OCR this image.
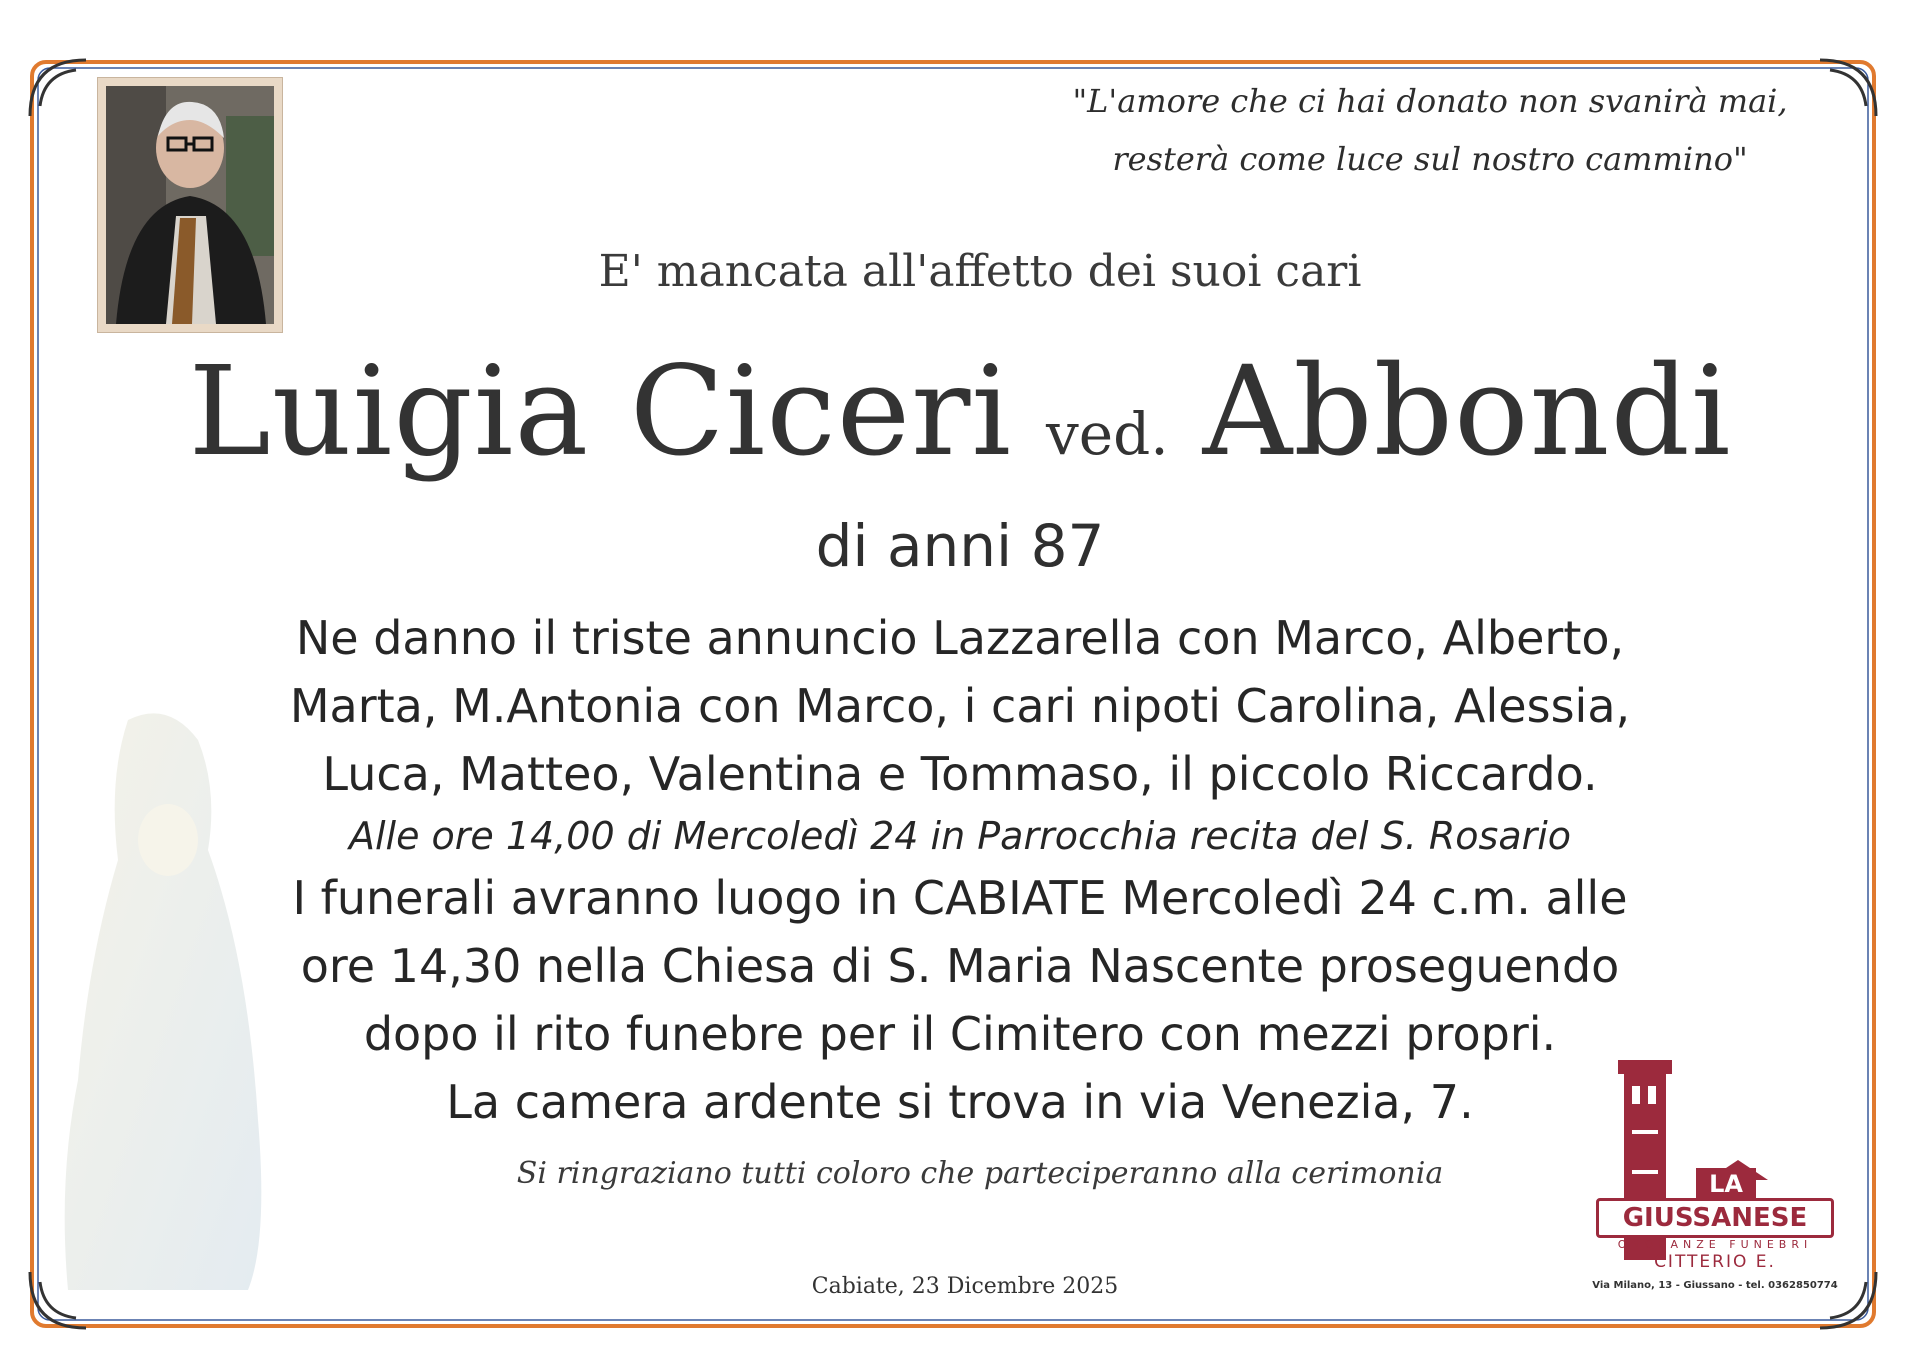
"L'amore che ci hai donato non svanirà mai,
resterà come luce sul nostro cammino"
E' mancata all'affetto dei suoi cari
Luigia Ciceri ved. Abbondi
di anni 87
Ne danno il triste annuncio Lazzarella con Marco, Alberto,
Marta, M.Antonia con Marco, i cari nipoti Carolina, Alessia,
Luca, Matteo, Valentina e Tommaso, il piccolo Riccardo.
Alle ore 14,00 di Mercoledì 24 in Parrocchia recita del S. Rosario
I funerali avranno luogo in CABIATE Mercoledì 24 c.m. alle
ore 14,30 nella Chiesa di S. Maria Nascente proseguendo
dopo il rito funebre per il Cimitero con mezzi propri.
La camera ardente si trova in via Venezia, 7.
Si ringraziano tutti coloro che parteciperanno alla cerimonia
Cabiate, 23 Dicembre 2025
LA
GIUSSANESE
ONORANZE FUNEBRI
CITTERIO E.
Via Milano, 13 - Giussano - tel. 0362850774
